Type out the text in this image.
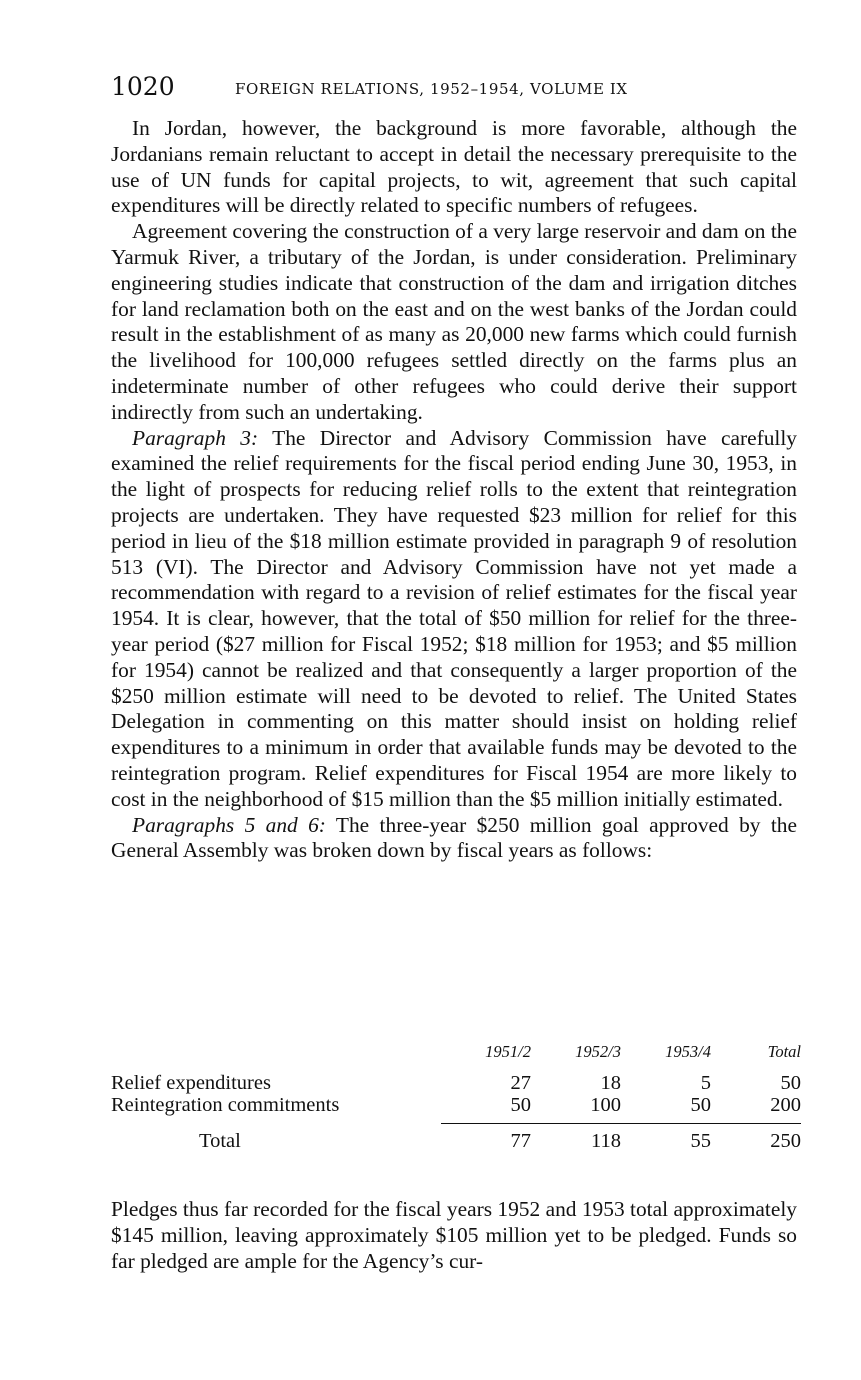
1020	FOREIGN RELATIONS, 1952–1954, VOLUME IX

In Jordan, however, the background is more favorable, although the Jordanians remain reluctant to accept in detail the necessary prerequisite to the use of UN funds for capital projects, to wit, agreement that such capital expenditures will be directly related to specific numbers of refugees.

Agreement covering the construction of a very large reservoir and dam on the Yarmuk River, a tributary of the Jordan, is under consideration. Preliminary engineering studies indicate that construction of the dam and irrigation ditches for land reclamation both on the east and on the west banks of the Jordan could result in the establishment of as many as 20,000 new farms which could furnish the livelihood for 100,000 refugees settled directly on the farms plus an indeterminate number of other refugees who could derive their support indirectly from such an undertaking.

Paragraph 3: The Director and Advisory Commission have carefully examined the relief requirements for the fiscal period ending June 30, 1953, in the light of prospects for reducing relief rolls to the extent that reintegration projects are undertaken. They have requested $23 million for relief for this period in lieu of the $18 million estimate provided in paragraph 9 of resolution 513 (VI). The Director and Advisory Commission have not yet made a recommendation with regard to a revision of relief estimates for the fiscal year 1954. It is clear, however, that the total of $50 million for relief for the three-year period ($27 million for Fiscal 1952; $18 million for 1953; and $5 million for 1954) cannot be realized and that consequently a larger proportion of the $250 million estimate will need to be devoted to relief. The United States Delegation in commenting on this matter should insist on holding relief expenditures to a minimum in order that available funds may be devoted to the reintegration program. Relief expenditures for Fiscal 1954 are more likely to cost in the neighborhood of $15 million than the $5 million initially estimated.

Paragraphs 5 and 6: The three-year $250 million goal approved by the General Assembly was broken down by fiscal years as follows:

	1951/2	1952/3	1953/4	Total
Relief expenditures	27	18	5	50
Reintegration commitments	50	100	50	200
Total	77	118	55	250

Pledges thus far recorded for the fiscal years 1952 and 1953 total approximately $145 million, leaving approximately $105 million yet to be pledged. Funds so far pledged are ample for the Agency’s cur-
